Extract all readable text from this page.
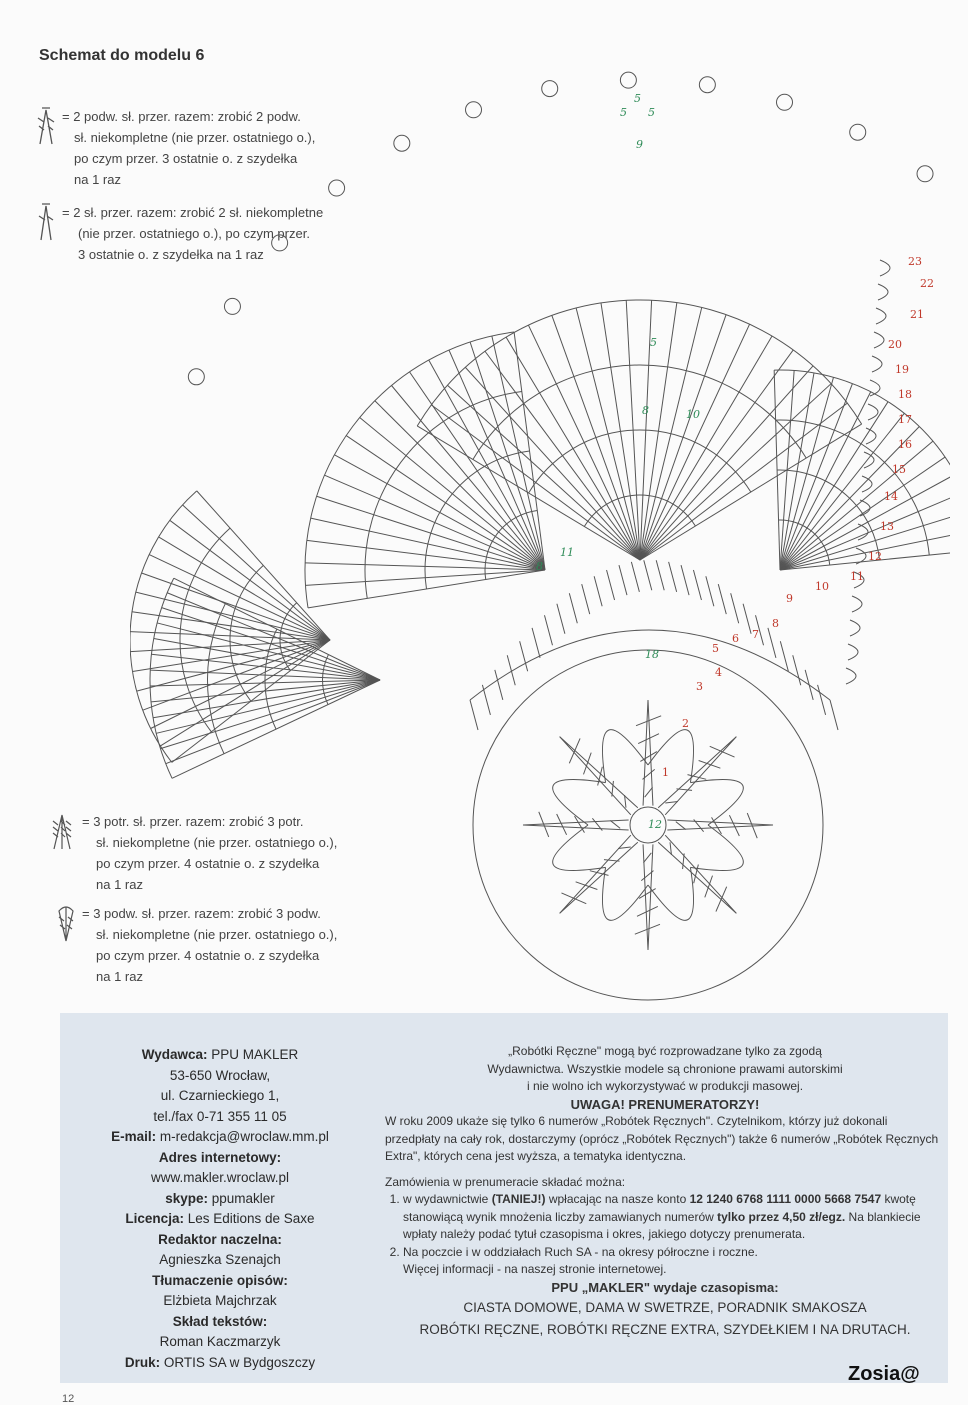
Schemat do modelu 6

= 2 podw. sł. przer. razem: zrobić 2 podw.

sł. niekompletne (nie przer. ostatniego o.),

po czym przer. 3 ostatnie o. z szydełka

na 1 raz

= 2 sł. przer. razem: zrobić 2 sł. niekompletne

(nie przer. ostatniego o.), po czym przer.

3 ostatnie o. z szydełka na 1 raz

= 3 potr. sł. przer. razem: zrobić 3 potr.

sł. niekompletne (nie przer. ostatniego o.),

po czym przer. 4 ostatnie o. z szydełka

na 1 raz

= 3 podw. sł. przer. razem: zrobić 3 podw.

sł. niekompletne (nie przer. ostatniego o.),

po czym przer. 4 ostatnie o. z szydełka

na 1 raz

23
22
21
20
19
18
17
16
15
14
13
12
11
10
9
8
7
6
5
4
3
2
1
5
5 5
9
5
8	10
8
11
18
12
Wydawca: PPU MAKLER
53-650 Wrocław,
ul. Czarnieckiego 1,
tel./fax 0-71 355 11 05
E-mail: m-redakcja@wroclaw.mm.pl
Adres internetowy:
www.makler.wroclaw.pl
skype: ppumakler
Licencja: Les Editions de Saxe
Redaktor naczelna:
Agnieszka Szenajch
Tłumaczenie opisów:
Elżbieta Majchrzak
Skład tekstów:
Roman Kaczmarzyk
Druk: ORTIS SA w Bydgoszczy
„Robótki Ręczne" mogą być rozprowadzane tylko za zgodą
Wydawnictwa. Wszystkie modele są chronione prawami autorskimi
i nie wolno ich wykorzystywać w produkcji masowej.
UWAGA! PRENUMERATORZY!
W roku 2009 ukaże się tylko 6 numerów „Robótek Ręcznych". Czytelnikom, którzy już dokonali przedpłaty na cały rok, dostarczymy (oprócz „Robótek Ręcznych") także 6 numerów „Robótek Ręcznych Extra", których cena jest wyższa, a tematyka identyczna.
Zamówienia w prenumeracie składać można:
1. w wydawnictwie (TANIEJ!) wpłacając na nasze konto 12 1240 6768 1111 0000 5668 7547 kwotę stanowiącą wynik mnożenia liczby zamawianych numerów tylko przez 4,50 zł/egz. Na blankiecie wpłaty należy podać tytuł czasopisma i okres, jakiego dotyczy prenumerata.
2. Na poczcie i w oddziałach Ruch SA - na okresy półroczne i roczne.
Więcej informacji - na naszej stronie internetowej.
PPU „MAKLER" wydaje czasopisma:
CIASTA DOMOWE, DAMA W SWETRZE, PORADNIK SMAKOSZA
ROBÓTKI RĘCZNE, ROBÓTKI RĘCZNE EXTRA, SZYDEŁKIEM I NA DRUTACH.
Zosia@
12
